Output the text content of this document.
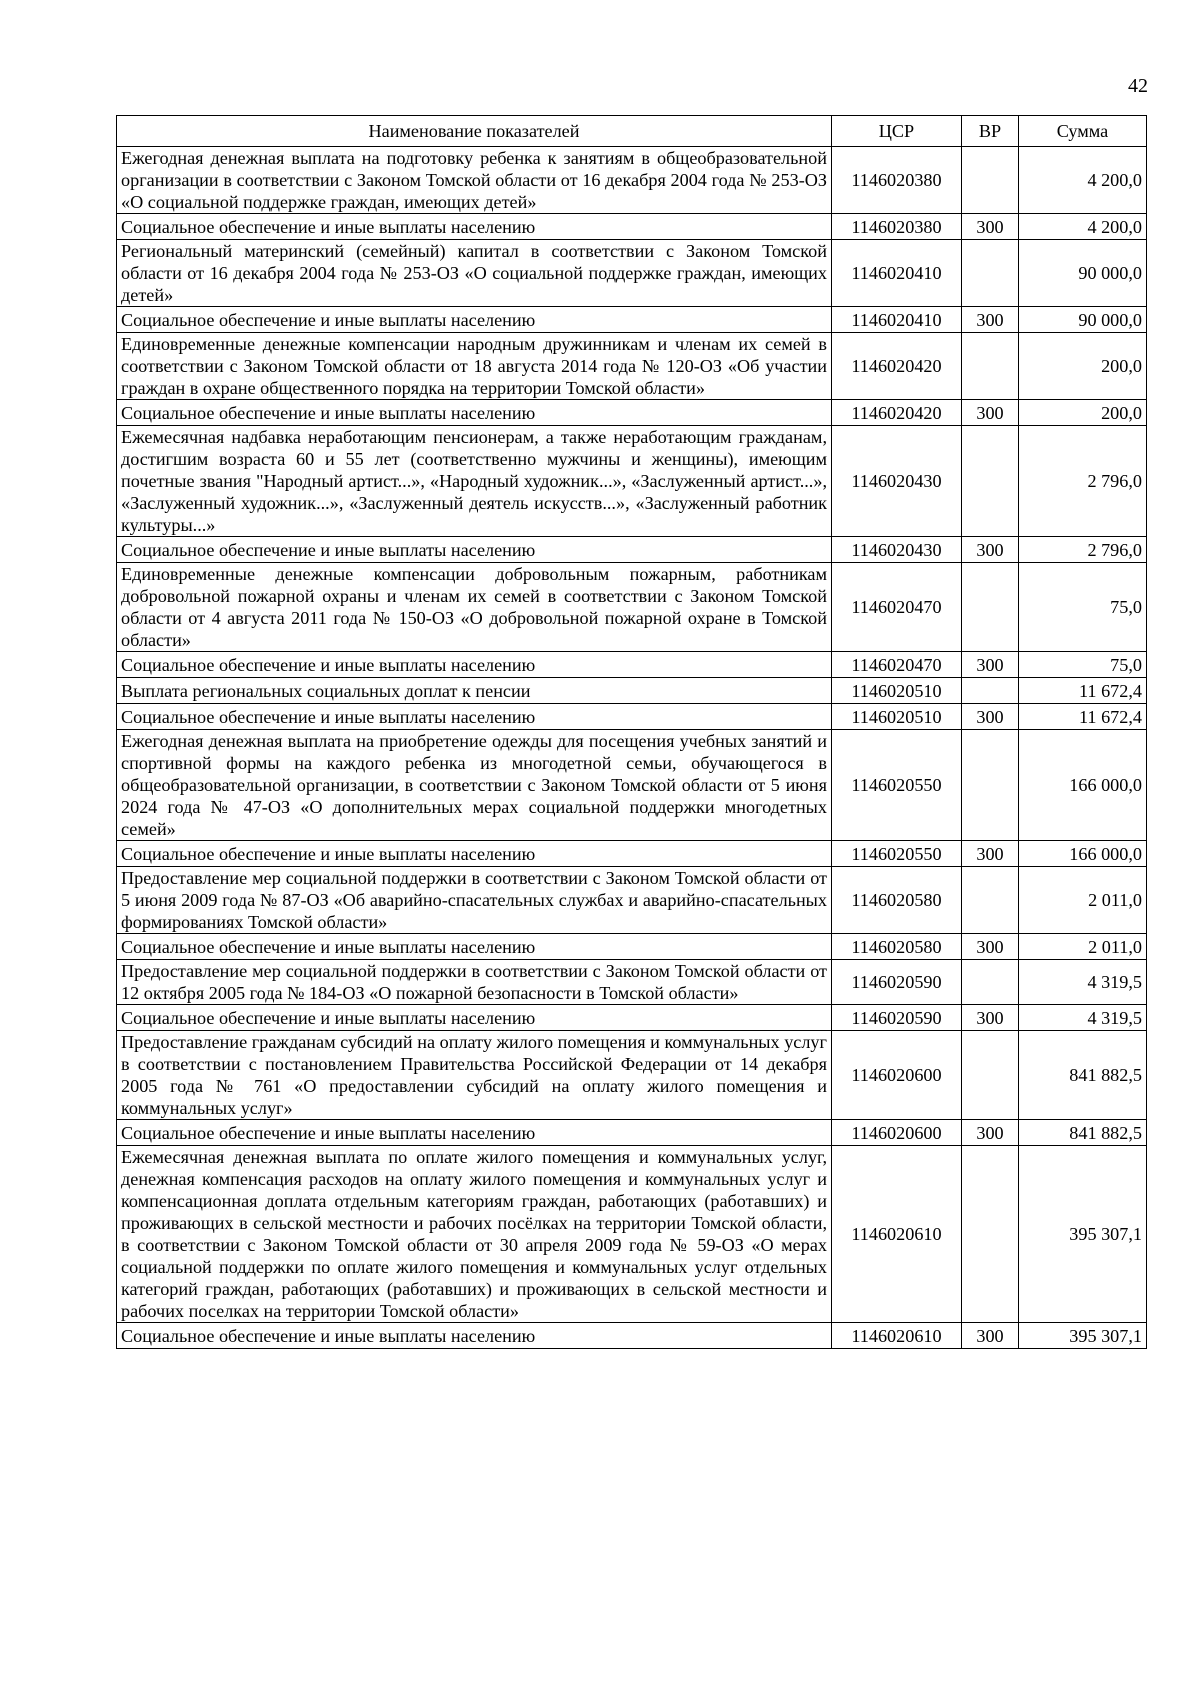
42
Наименование показателей	ЦСР	ВР	Сумма
Ежегодная денежная выплата на подготовку ребенка к занятиям в общеобразовательной организации в соответствии с Законом Томской области от 16 декабря 2004 года № 253-ОЗ «О социальной поддержке граждан, имеющих детей»	1146020380		4 200,0
Социальное обеспечение и иные выплаты населению	1146020380	300	4 200,0
Региональный материнский (семейный) капитал в соответствии с Законом Томской области от 16 декабря 2004 года № 253-ОЗ «О социальной поддержке граждан, имеющих детей»	1146020410		90 000,0
Социальное обеспечение и иные выплаты населению	1146020410	300	90 000,0
Единовременные денежные компенсации народным дружинникам и членам их семей в соответствии с Законом Томской области от 18 августа 2014 года № 120-ОЗ «Об участии граждан в охране общественного порядка на территории Томской области»	1146020420		200,0
Социальное обеспечение и иные выплаты населению	1146020420	300	200,0
Ежемесячная надбавка неработающим пенсионерам, а также неработающим гражданам, достигшим возраста 60 и 55 лет (соответственно мужчины и женщины), имеющим почетные звания "Народный артист...», «Народный художник...», «Заслуженный артист...», «Заслуженный художник...», «Заслуженный деятель искусств...», «Заслуженный работник культуры...»	1146020430		2 796,0
Социальное обеспечение и иные выплаты населению	1146020430	300	2 796,0
Единовременные денежные компенсации добровольным пожарным, работникам добровольной пожарной охраны и членам их семей в соответствии с Законом Томской области от 4 августа 2011 года № 150-ОЗ «О добровольной пожарной охране в Томской области»	1146020470		75,0
Социальное обеспечение и иные выплаты населению	1146020470	300	75,0
Выплата региональных социальных доплат к пенсии	1146020510		11 672,4
Социальное обеспечение и иные выплаты населению	1146020510	300	11 672,4
Ежегодная денежная выплата на приобретение одежды для посещения учебных занятий и спортивной формы на каждого ребенка из многодетной семьи, обучающегося в общеобразовательной организации, в соответствии с Законом Томской области от 5 июня 2024 года № 47-ОЗ «О дополнительных мерах социальной поддержки многодетных семей»	1146020550		166 000,0
Социальное обеспечение и иные выплаты населению	1146020550	300	166 000,0
Предоставление мер социальной поддержки в соответствии с Законом Томской области от 5 июня 2009 года № 87-ОЗ «Об аварийно-спасательных службах и аварийно-спасательных формированиях Томской области»	1146020580		2 011,0
Социальное обеспечение и иные выплаты населению	1146020580	300	2 011,0
Предоставление мер социальной поддержки в соответствии с Законом Томской области от 12 октября 2005 года № 184-ОЗ «О пожарной безопасности в Томской области»	1146020590		4 319,5
Социальное обеспечение и иные выплаты населению	1146020590	300	4 319,5
Предоставление гражданам субсидий на оплату жилого помещения и коммунальных услуг в соответствии с постановлением Правительства Российской Федерации от 14 декабря 2005 года № 761 «О предоставлении субсидий на оплату жилого помещения и коммунальных услуг»	1146020600		841 882,5
Социальное обеспечение и иные выплаты населению	1146020600	300	841 882,5
Ежемесячная денежная выплата по оплате жилого помещения и коммунальных услуг, денежная компенсация расходов на оплату жилого помещения и коммунальных услуг и компенсационная доплата отдельным категориям граждан, работающих (работавших) и проживающих в сельской местности и рабочих посёлках на территории Томской области, в соответствии с Законом Томской области от 30 апреля 2009 года № 59-ОЗ «О мерах социальной поддержки по оплате жилого помещения и коммунальных услуг отдельных категорий граждан, работающих (работавших) и проживающих в сельской местности и рабочих поселках на территории Томской области»	1146020610		395 307,1
Социальное обеспечение и иные выплаты населению	1146020610	300	395 307,1
